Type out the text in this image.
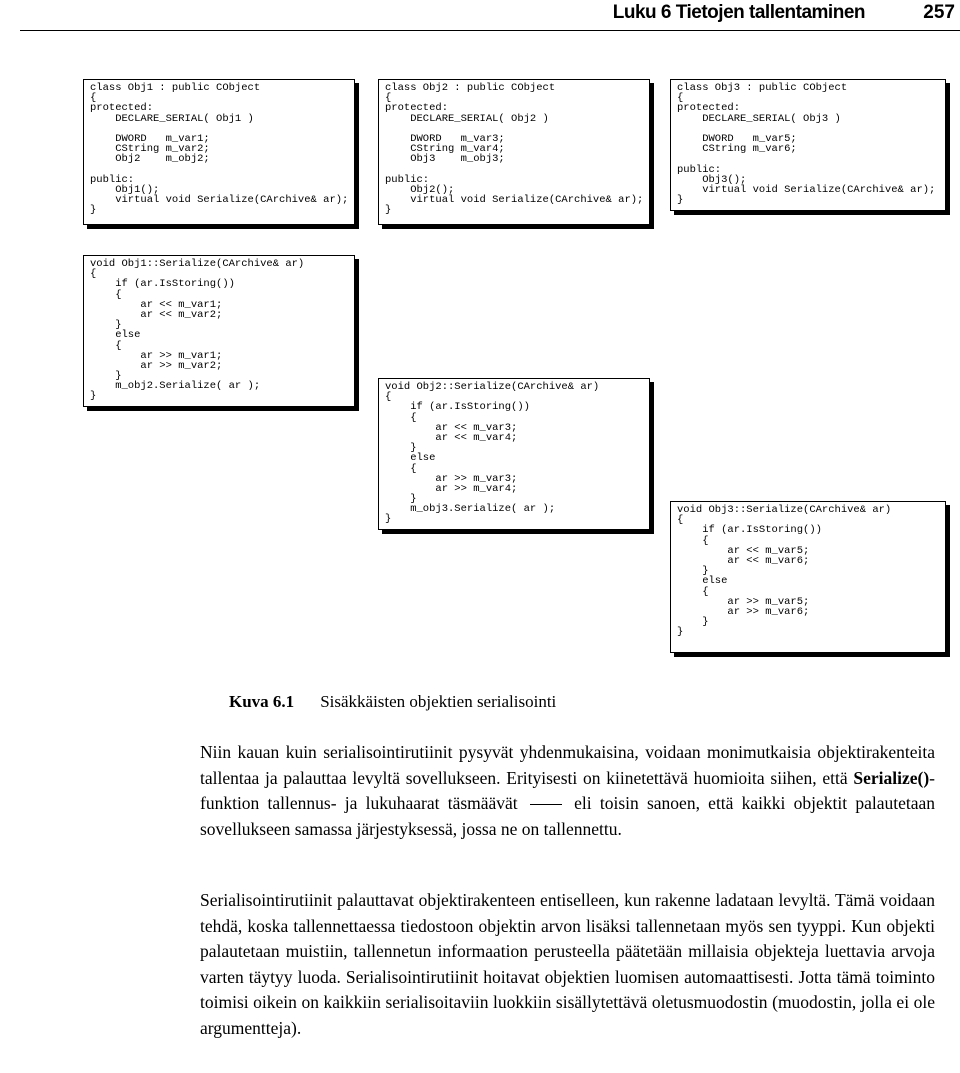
Luku 6 Tietojen tallentaminen	257
class Obj1 : public CObject
{
protected:
DECLARE_SERIAL( Obj1 )
DWORD   m_var1;
CString m_var2;
Obj2    m_obj2;
public:
Obj1();
virtual void Serialize(CArchive& ar);
}
class Obj2 : public CObject
{
protected:
DECLARE_SERIAL( Obj2 )
DWORD   m_var3;
CString m_var4;
Obj3    m_obj3;
public:
Obj2();
virtual void Serialize(CArchive& ar);
}
class Obj3 : public CObject
{
protected:
DECLARE_SERIAL( Obj3 )
DWORD   m_var5;
CString m_var6;
public:
Obj3();
virtual void Serialize(CArchive& ar);
}
void Obj1::Serialize(CArchive& ar)
{
if (ar.IsStoring())
{
ar << m_var1;
ar << m_var2;
}
else
{
ar >> m_var1;
ar >> m_var2;
}
m_obj2.Serialize( ar );
}
void Obj2::Serialize(CArchive& ar)
{
if (ar.IsStoring())
{
ar << m_var3;
ar << m_var4;
}
else
{
ar >> m_var3;
ar >> m_var4;
}
m_obj3.Serialize( ar );
}
void Obj3::Serialize(CArchive& ar)
{
if (ar.IsStoring())
{
ar << m_var5;
ar << m_var6;
}
else
{
ar >> m_var5;
ar >> m_var6;
}
}
Kuva 6.1 Sisäkkäisten objektien serialisointi

Niin kauan kuin serialisointirutiinit pysyvät yhdenmukaisina, voidaan monimutkaisia objektirakenteita tallentaa ja palauttaa levyltä sovellukseen. Erityisesti on kiinetettävä huomioita siihen, että Serialize()-funktion tallennus- ja lukuhaarat täsmäävät	eli toisin sanoen, että kaikki objektit palautetaan sovellukseen samassa järjestyksessä, jossa ne on tallennettu.

Serialisointirutiinit palauttavat objektirakenteen entiselleen, kun rakenne ladataan levyltä. Tämä voidaan tehdä, koska tallennettaessa tiedostoon objektin arvon lisäksi tallennetaan myös sen tyyppi. Kun objekti palautetaan muistiin, tallennetun informaation perusteella päätetään millaisia objekteja luettavia arvoja varten täytyy luoda. Serialisointirutiinit hoitavat objektien luomisen automaattisesti. Jotta tämä toiminto toimisi oikein on kaikkiin serialisoitaviin luokkiin sisällytettävä oletusmuodostin (muodostin, jolla ei ole argumentteja).
